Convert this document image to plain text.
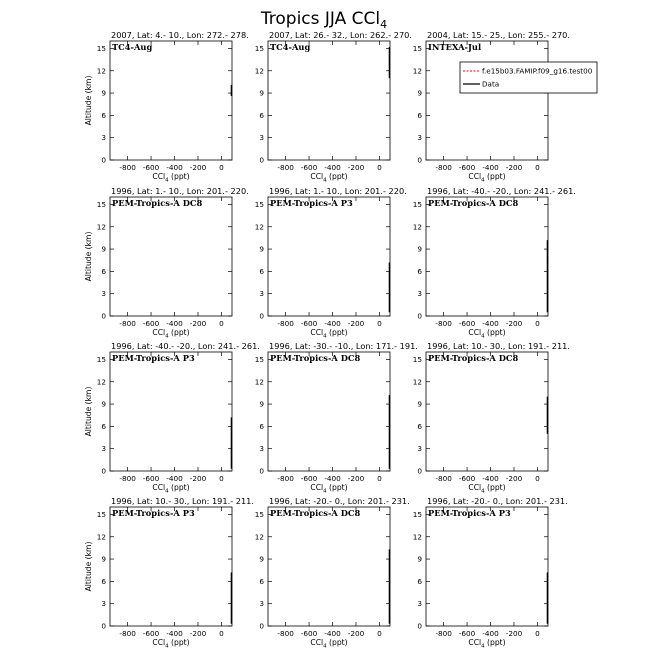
Tropics JJA CCl$_4$
2007, Lat: 4.- 10., Lon: 272.- 278.
TC4-Aug
0
3
6
9
12
15
-800 -600 -400 -200 0
CCl$_4$ (ppt)
Altitude (km)
2007, Lat: 26.- 32., Lon: 262.- 270.
TC4-Aug
0
3
6
9
12
15
-800 -600 -400 -200 0
CCl$_4$ (ppt)
2004, Lat: 15.- 25., Lon: 255.- 270.
INTEXA-Jul
0
3
6
9
12
15
-800 -600 -400 -200 0
CCl$_4$ (ppt)
1996, Lat: 1.- 10., Lon: 201.- 220.
PEM-Tropics-A DC8
0
3
6
9
12
15
-800 -600 -400 -200 0
CCl$_4$ (ppt)
Altitude (km)
1996, Lat: 1.- 10., Lon: 201.- 220.
PEM-Tropics-A P3
0
3
6
9
12
15
-800 -600 -400 -200 0
CCl$_4$ (ppt)
1996, Lat: -40.- -20., Lon: 241.- 261.
PEM-Tropics-A DC8
0
3
6
9
12
15
-800 -600 -400 -200 0
CCl$_4$ (ppt)
1996, Lat: -40.- -20., Lon: 241.- 261.
PEM-Tropics-A P3
0
3
6
9
12
15
-800 -600 -400 -200 0
CCl$_4$ (ppt)
Altitude (km)
1996, Lat: -30.- -10., Lon: 171.- 191.
PEM-Tropics-A DC8
0
3
6
9
12
15
-800 -600 -400 -200 0
CCl$_4$ (ppt)
1996, Lat: 10.- 30., Lon: 191.- 211.
PEM-Tropics-A DC8
0
3
6
9
12
15
-800 -600 -400 -200 0
CCl$_4$ (ppt)
1996, Lat: 10.- 30., Lon: 191.- 211.
PEM-Tropics-A P3
0
3
6
9
12
15
-800 -600 -400 -200 0
CCl$_4$ (ppt)
Altitude (km)
1996, Lat: -20.- 0., Lon: 201.- 231.
PEM-Tropics-A DC8
0
3
6
9
12
15
-800 -600 -400 -200 0
CCl$_4$ (ppt)
1996, Lat: -20.- 0., Lon: 201.- 231.
PEM-Tropics-A P3
0
3
6
9
12
15
-800 -600 -400 -200 0
CCl$_4$ (ppt)
f.e15b03.FAMIP.f09_g16.test00
Data
